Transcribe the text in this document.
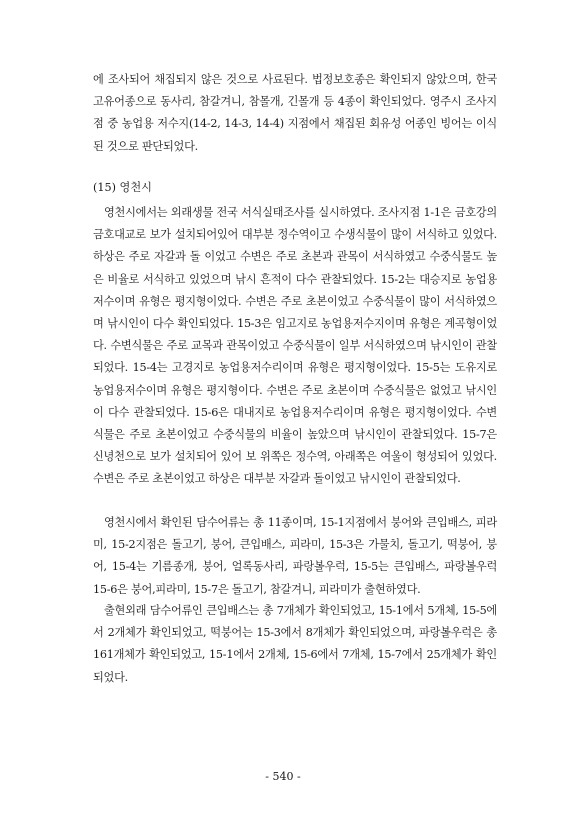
에 조사되어 채집되지 않은 것으로 사료된다. 법정보호종은 확인되지 않았으며, 한국고유어종으로 동사리, 참갈겨니, 참몰개, 긴몰개 등 4종이 확인되었다. 영주시 조사지점 중 농업용 저수지(14-2, 14-3, 14-4) 지점에서 채집된 회유성 어종인 빙어는 이식된 것으로 판단되었다.

(15) 영천시

영천시에서는 외래생물 전국 서식실태조사를 실시하였다. 조사지점 1-1은 금호강의 금호대교로 보가 설치되어있어 대부분 정수역이고 수생식물이 많이 서식하고 있었다. 하상은 주로 자갈과 돌 이었고 수변은 주로 초본과 관목이 서식하였고 수중식물도 높은 비율로 서식하고 있었으며 낚시 흔적이 다수 관찰되었다. 15-2는 대승지로 농업용저수이며 유형은 평지형이었다. 수변은 주로 초본이었고 수중식물이 많이 서식하였으며 낚시인이 다수 확인되었다. 15-3은 임고지로 농업용저수지이며 유형은 계곡형이었다. 수변식물은 주로 교목과 관목이었고 수중식물이 일부 서식하였으며 낚시인이 관찰되었다. 15-4는 고경지로 농업용저수리이며 유형은 평지형이었다. 15-5는 도유지로 농업용저수이며 유형은 평지형이다. 수변은 주로 초본이며 수중식물은 없었고 낚시인이 다수 관찰되었다. 15-6은 대내지로 농업용저수리이며 유형은 평지형이었다. 수변식물은 주로 초본이었고 수중식물의 비율이 높았으며 낚시인이 관찰되었다. 15-7은 신녕천으로 보가 설치되어 있어 보 위쪽은 정수역, 아래쪽은 여울이 형성되어 있었다. 수변은 주로 초본이었고 하상은 대부분 자갈과 돌이었고 낚시인이 관찰되었다.

영천시에서 확인된 담수어류는 총 11종이며, 15-1지점에서 붕어와 큰입배스, 피라미, 15-2지점은 돌고기, 붕어, 큰입배스, 피라미, 15-3은 가물치, 돌고기, 떡붕어, 붕어, 15-4는 기름종개, 붕어, 얼록동사리, 파랑볼우럭, 15-5는 큰입배스, 파랑볼우럭 15-6은 붕어,피라미, 15-7은 돌고기, 참갈겨니, 피라미가 출현하였다.

출현외래 담수어류인 큰입배스는 총 7개체가 확인되었고, 15-1에서 5개체, 15-5에서 2개체가 확인되었고, 떡붕어는 15-3에서 8개체가 확인되었으며, 파랑볼우럭은 총 161개체가 확인되었고, 15-1에서 2개체, 15-6에서 7개체, 15-7에서 25개체가 확인되었다.

- 540 -
